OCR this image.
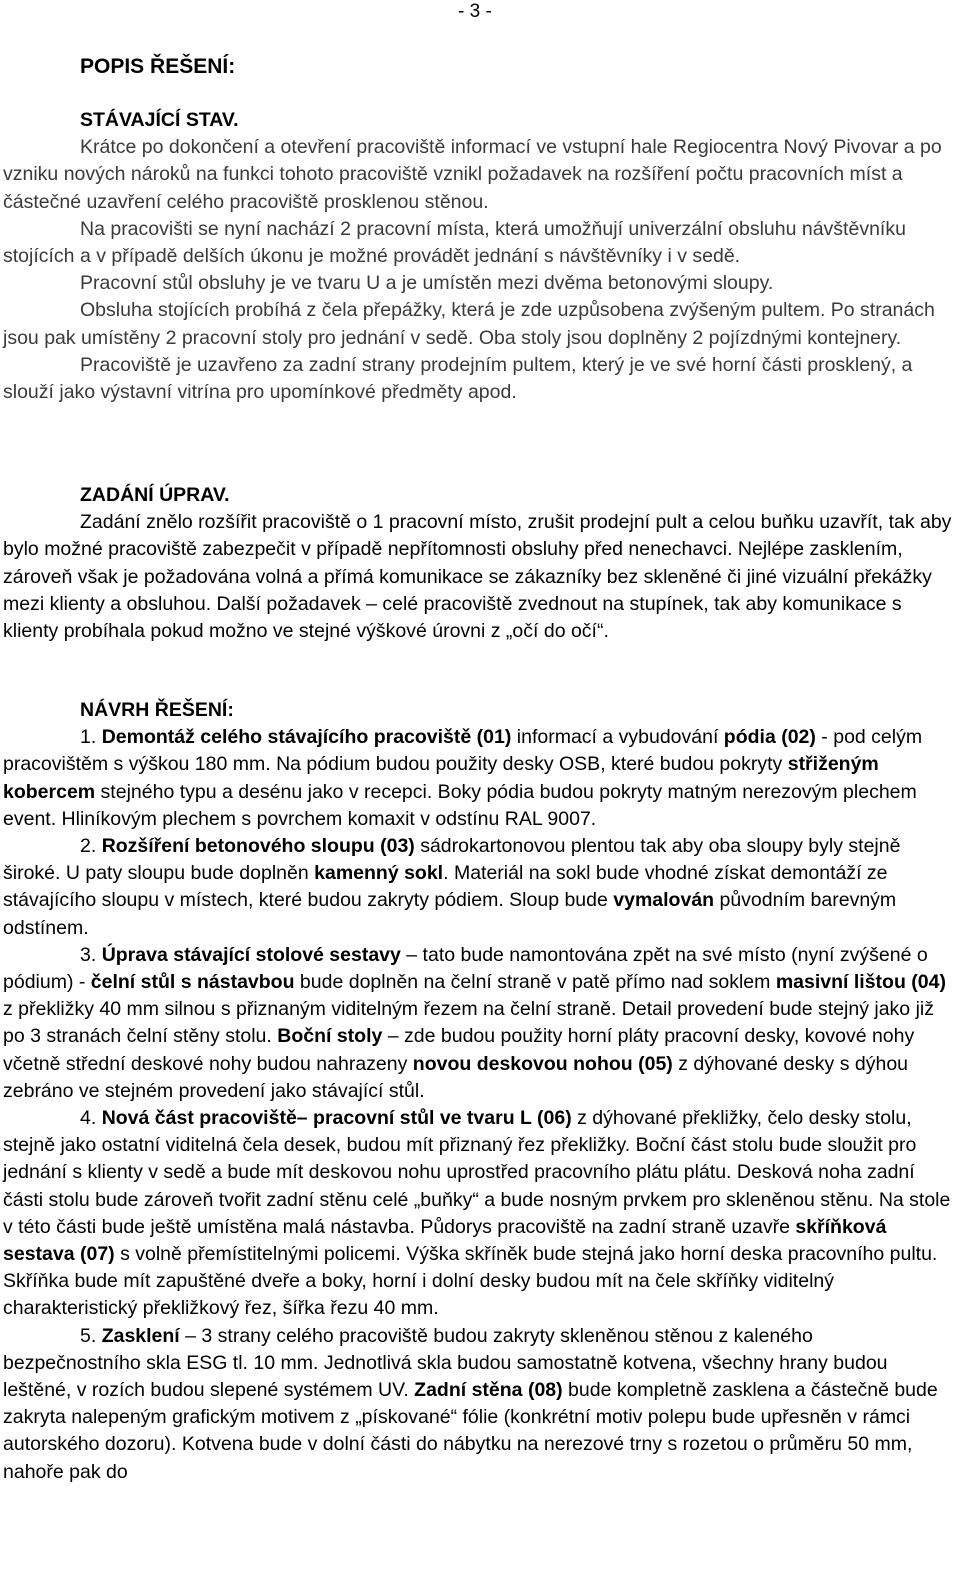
- 3 -
POPIS ŘEŠENÍ:

STÁVAJÍCÍ STAV.

Krátce po dokončení a otevření pracoviště informací ve vstupní hale Regiocentra Nový Pivovar a po vzniku nových nároků na funkci tohoto pracoviště vznikl požadavek na rozšíření počtu pracovních míst a částečné uzavření celého pracoviště prosklenou stěnou.

Na pracovišti se nyní nachází 2 pracovní místa, která umožňují univerzální obsluhu návštěvníku stojících a v případě delších úkonu je možné provádět jednání s návštěvníky i v sedě.

Pracovní stůl obsluhy je ve tvaru U a je umístěn mezi dvěma betonovými sloupy.

Obsluha stojících probíhá z čela přepážky, která je zde uzpůsobena zvýšeným pultem. Po stranách jsou pak umístěny 2 pracovní stoly pro jednání v sedě. Oba stoly jsou doplněny 2 pojízdnými kontejnery.

Pracoviště je uzavřeno za zadní strany prodejním pultem, který je ve své horní části prosklený, a slouží jako výstavní vitrína pro upomínkové předměty apod.

ZADÁNÍ ÚPRAV.

Zadání znělo rozšířit pracoviště o 1 pracovní místo, zrušit prodejní pult a celou buňku uzavřít, tak aby bylo možné pracoviště zabezpečit v případě nepřítomnosti obsluhy před nenechavci. Nejlépe zasklením, zároveň však je požadována volná a přímá komunikace se zákazníky bez skleněné či jiné vizuální překážky mezi klienty a obsluhou. Další požadavek – celé pracoviště zvednout na stupínek, tak aby komunikace s klienty probíhala pokud možno ve stejné výškové úrovni z „očí do očí“.

NÁVRH ŘEŠENÍ:

1. Demontáž celého stávajícího pracoviště (01) informací a vybudování pódia (02) - pod celým pracovištěm s výškou 180 mm. Na pódium budou použity desky OSB, které budou pokryty střiženým kobercem stejného typu a desénu jako v recepci. Boky pódia budou pokryty matným nerezovým plechem event. Hliníkovým plechem s povrchem komaxit v odstínu RAL 9007.

2. Rozšíření betonového sloupu (03) sádrokartonovou plentou tak aby oba sloupy byly stejně široké. U paty sloupu bude doplněn kamenný sokl. Materiál na sokl bude vhodné získat demontáží ze stávajícího sloupu v místech, které budou zakryty pódiem. Sloup bude vymalován původním barevným odstínem.

3. Úprava stávající stolové sestavy – tato bude namontována zpět na své místo (nyní zvýšené o pódium) - čelní stůl s nástavbou bude doplněn na čelní straně v patě přímo nad soklem masivní lištou (04) z překližky 40 mm silnou s přiznaným viditelným řezem na čelní straně. Detail provedení bude stejný jako již po 3 stranách čelní stěny stolu. Boční stoly – zde budou použity horní pláty pracovní desky, kovové nohy včetně střední deskové nohy budou nahrazeny novou deskovou nohou (05) z dýhované desky s dýhou zebráno ve stejném provedení jako stávající stůl.

4. Nová část pracoviště– pracovní stůl ve tvaru L (06) z dýhované překližky, čelo desky stolu, stejně jako ostatní viditelná čela desek, budou mít přiznaný řez překližky. Boční část stolu bude sloužit pro jednání s klienty v sedě a bude mít deskovou nohu uprostřed pracovního plátu plátu. Desková noha zadní části stolu bude zároveň tvořit zadní stěnu celé „buňky“ a bude nosným prvkem pro skleněnou stěnu. Na stole v této části bude ještě umístěna malá nástavba. Půdorys pracoviště na zadní straně uzavře skříňková sestava (07) s volně přemístitelnými policemi. Výška skříněk bude stejná jako horní deska pracovního pultu. Skříňka bude mít zapuštěné dveře a boky, horní i dolní desky budou mít na čele skříňky viditelný charakteristický překližkový řez, šířka řezu 40 mm.

5. Zasklení – 3 strany celého pracoviště budou zakryty skleněnou stěnou z kaleného bezpečnostního skla ESG tl. 10 mm. Jednotlivá skla budou samostatně kotvena, všechny hrany budou leštěné, v rozích budou slepené systémem UV. Zadní stěna (08) bude kompletně zasklena a částečně bude zakryta nalepeným grafickým motivem z „pískované“ fólie (konkrétní motiv polepu bude upřesněn v rámci autorského dozoru). Kotvena bude v dolní části do nábytku na nerezové trny s rozetou o průměru 50 mm, nahoře pak do
